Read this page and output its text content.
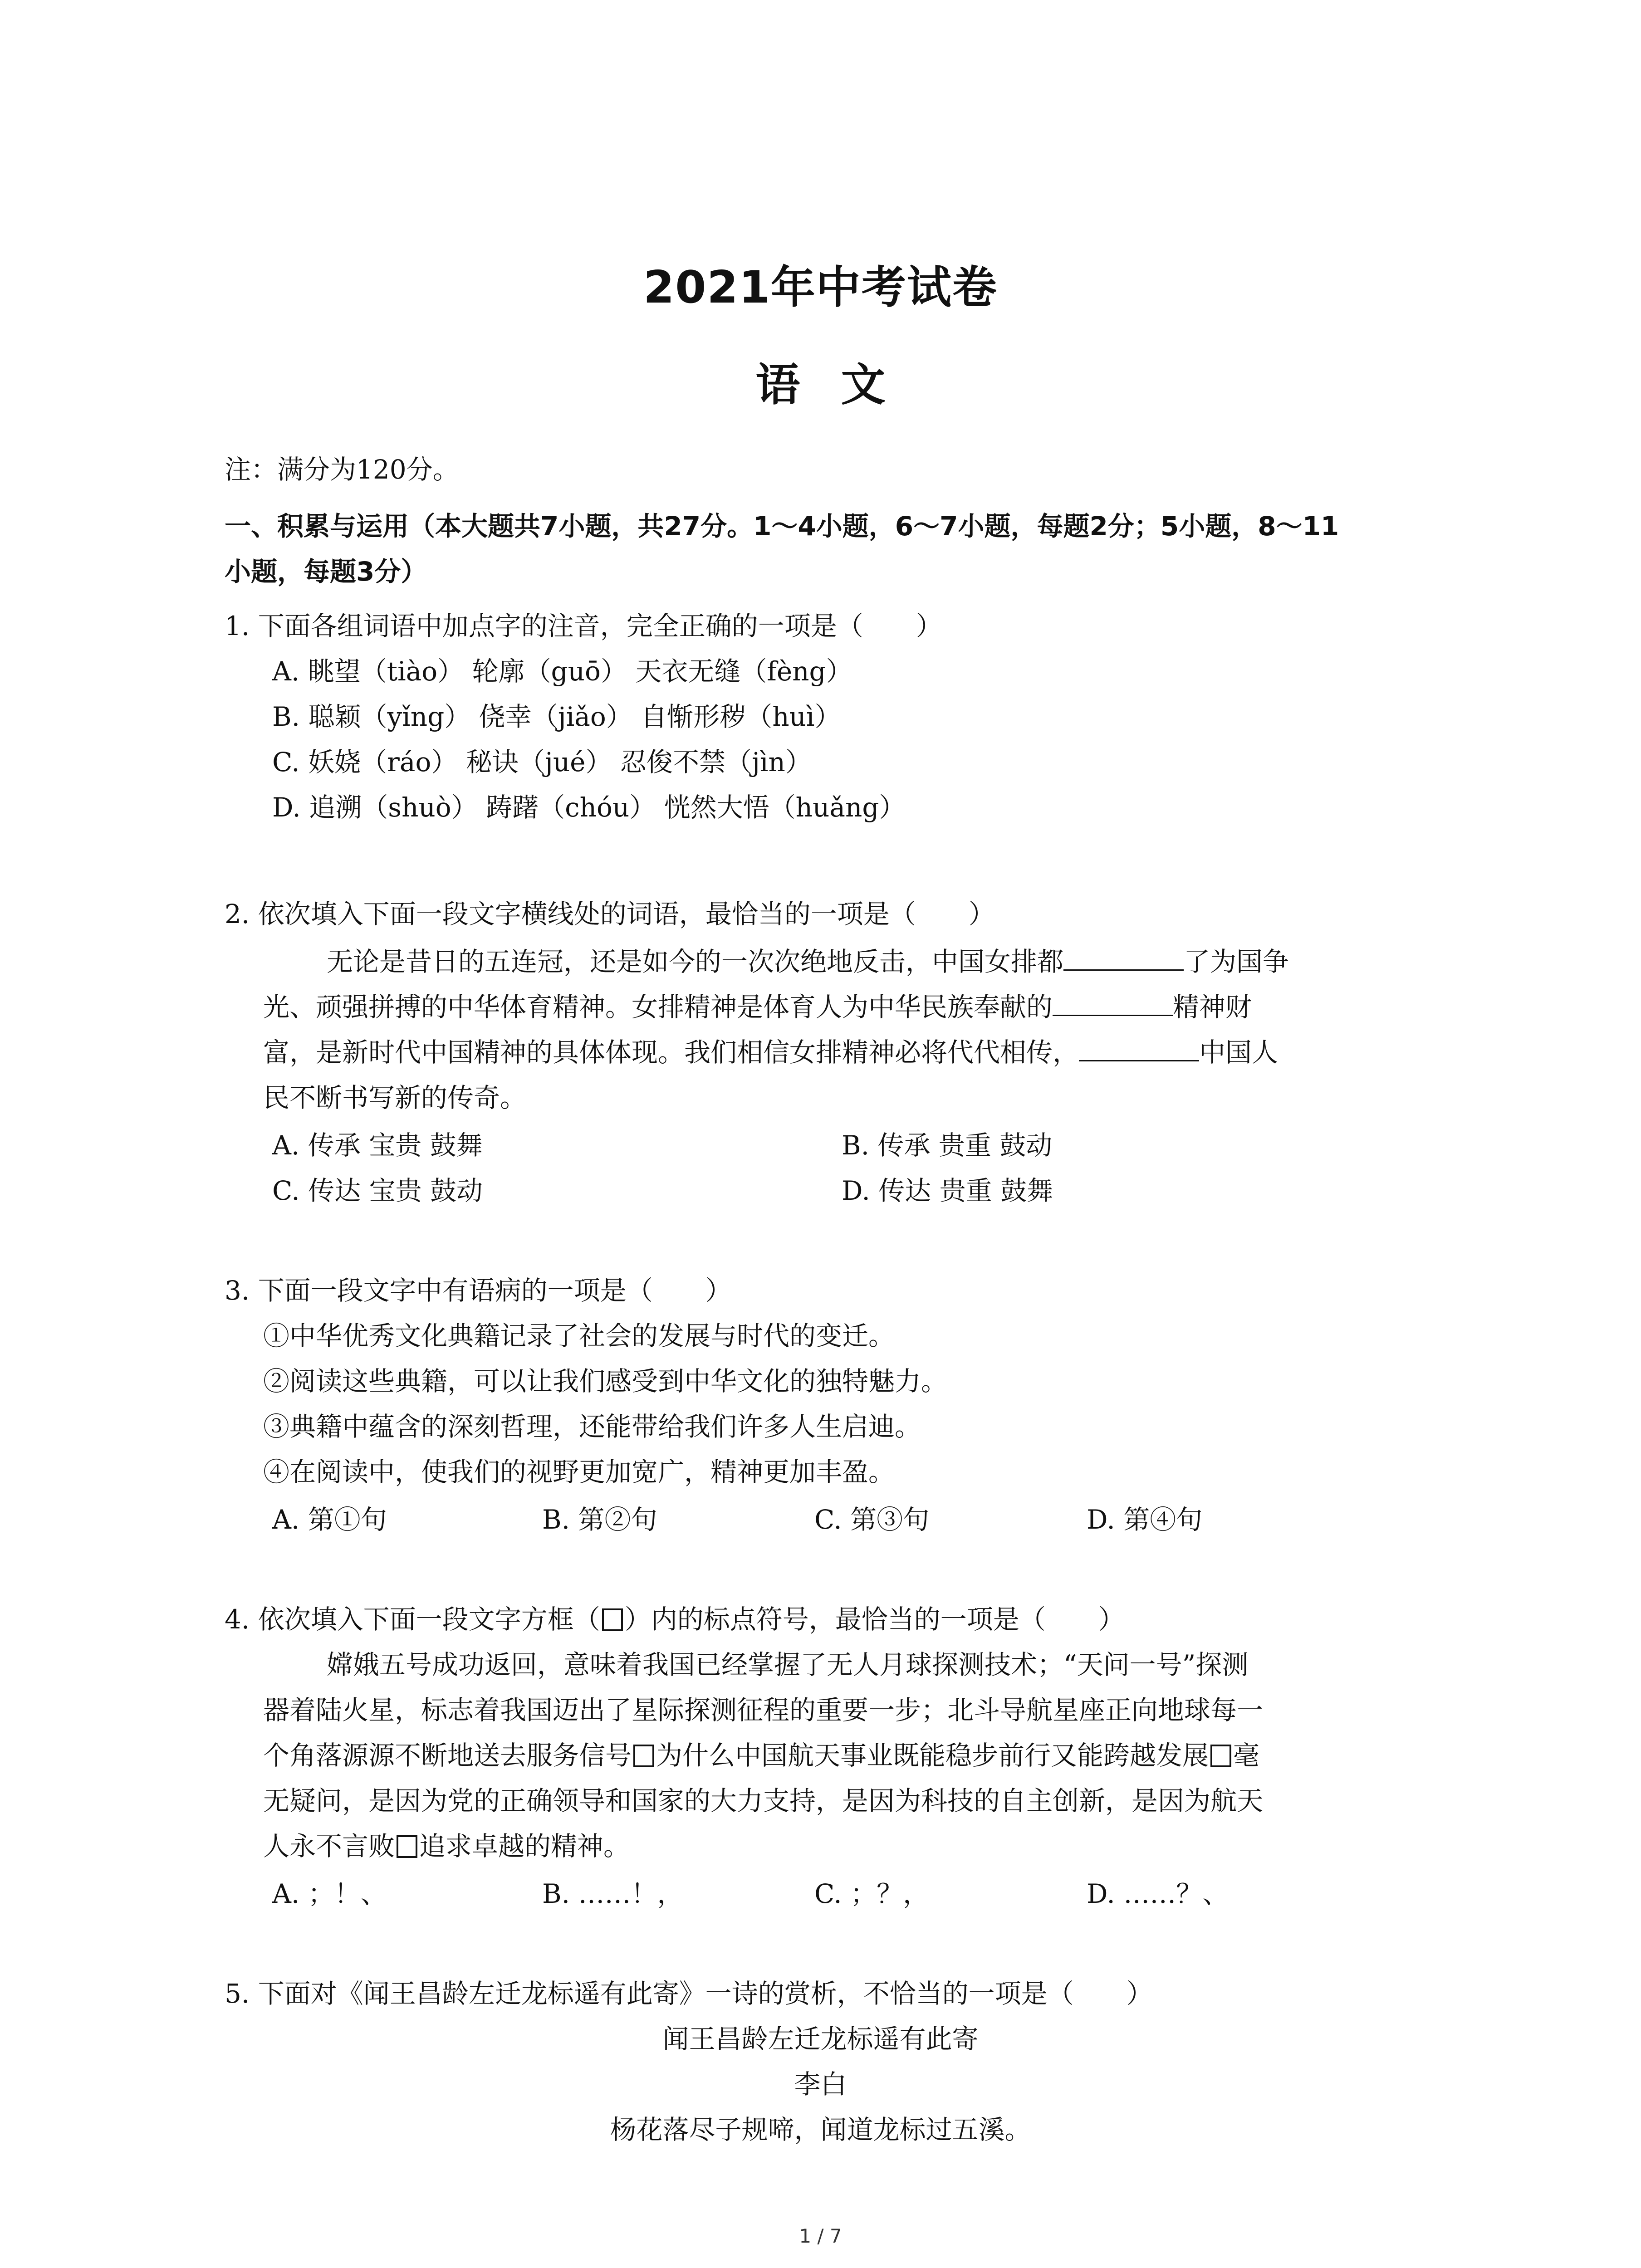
2021年中考试卷
语文
注：满分为120分。
一、积累与运用（本大题共7小题，共27分。1～4小题，6～7小题，每题2分；5小题，8～11
小题，每题3分）
1. 下面各组词语中加点字的注音，完全正确的一项是（　　）
A. 眺望（tiào） 轮廓（guō） 天衣无缝（fèng）
B. 聪颖（yǐng） 侥幸（jiǎo） 自惭形秽（huì）
C. 妖娆（ráo） 秘诀（jué） 忍俊不禁（jìn）
D. 追溯（shuò） 踌躇（chóu） 恍然大悟（huǎng）
2. 依次填入下面一段文字横线处的词语，最恰当的一项是（　　）
无论是昔日的五连冠，还是如今的一次次绝地反击，中国女排都	了为国争
光、顽强拼搏的中华体育精神。女排精神是体育人为中华民族奉献的	精神财
富，是新时代中国精神的具体体现。我们相信女排精神必将代代相传，	中国人
民不断书写新的传奇。
A. 传承 宝贵 鼓舞	B. 传承 贵重 鼓动
C. 传达 宝贵 鼓动	D. 传达 贵重 鼓舞
3. 下面一段文字中有语病的一项是（　　）
①中华优秀文化典籍记录了社会的发展与时代的变迁。
②阅读这些典籍，可以让我们感受到中华文化的独特魅力。
③典籍中蕴含的深刻哲理，还能带给我们许多人生启迪。
④在阅读中，使我们的视野更加宽广，精神更加丰盈。
A. 第①句	B. 第②句	C. 第③句	D. 第④句
4. 依次填入下面一段文字方框（ ）内的标点符号，最恰当的一项是（　　）
嫦娥五号成功返回，意味着我国已经掌握了无人月球探测技术；“天问一号”探测
器着陆火星，标志着我国迈出了星际探测征程的重要一步；北斗导航星座正向地球每一
个角落源源不断地送去服务信号 为什么中国航天事业既能稳步前行又能跨越发展 毫
无疑问，是因为党的正确领导和国家的大力支持，是因为科技的自主创新，是因为航天
人永不言败 追求卓越的精神。
A. ；！、	B. ……！，	C. ；？，	D. ……？、
5. 下面对《闻王昌龄左迁龙标遥有此寄》一诗的赏析，不恰当的一项是（　　）
闻王昌龄左迁龙标遥有此寄
李白
杨花落尽子规啼，闻道龙标过五溪。
1 / 7
